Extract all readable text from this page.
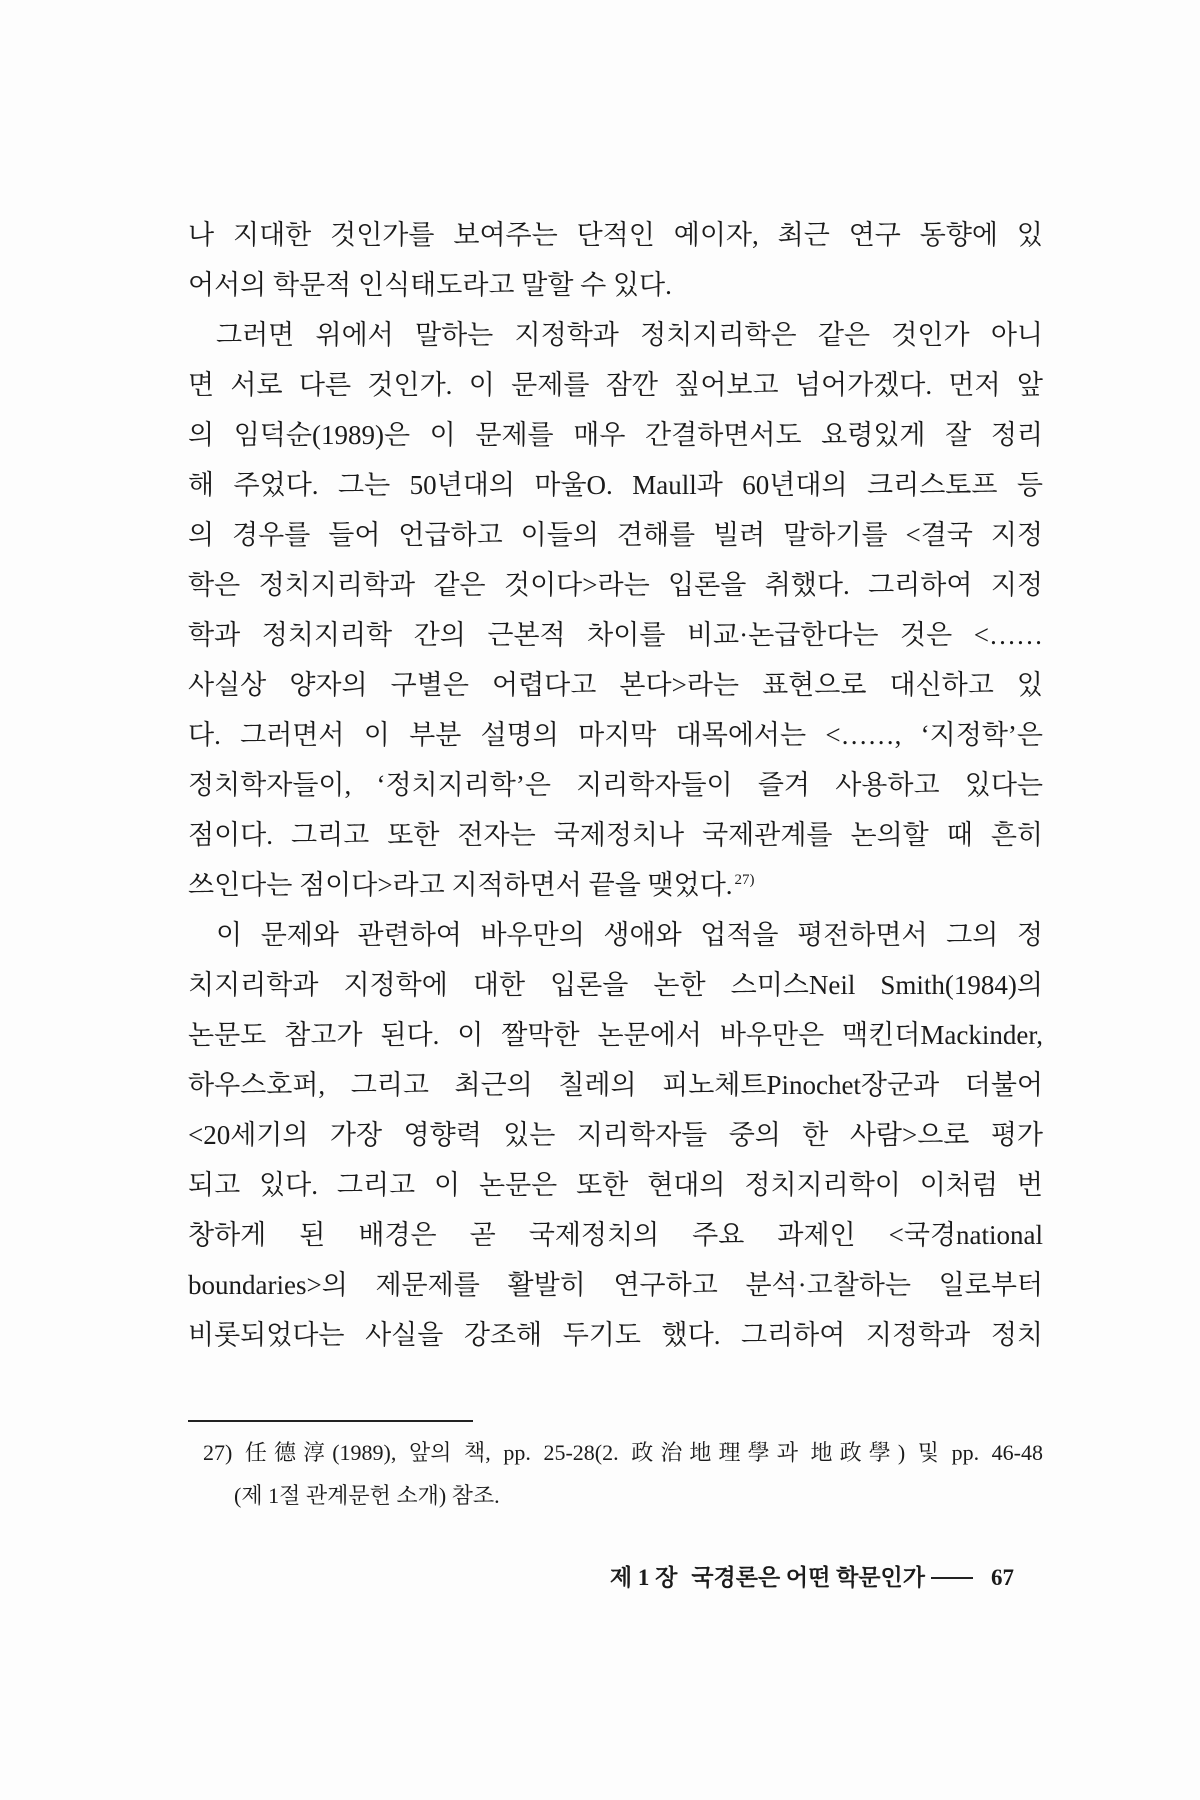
나 지대한 것인가를 보여주는 단적인 예이자, 최근 연구 동향에 있
어서의 학문적 인식태도라고 말할 수 있다.
그러면 위에서 말하는 지정학과 정치지리학은 같은 것인가 아니
면 서로 다른 것인가. 이 문제를 잠깐 짚어보고 넘어가겠다. 먼저 앞
의 임덕순(1989)은 이 문제를 매우 간결하면서도 요령있게 잘 정리
해 주었다. 그는 50년대의 마울O. Maull과 60년대의 크리스토프 등
의 경우를 들어 언급하고 이들의 견해를 빌려 말하기를 <결국 지정
학은 정치지리학과 같은 것이다>라는 입론을 취했다. 그리하여 지정
학과 정치지리학 간의 근본적 차이를 비교·논급한다는 것은 <……
사실상 양자의 구별은 어렵다고 본다>라는 표현으로 대신하고 있
다. 그러면서 이 부분 설명의 마지막 대목에서는 <……, ‘지정학’은
정치학자들이, ‘정치지리학’은 지리학자들이 즐겨 사용하고 있다는
점이다. 그리고 또한 전자는 국제정치나 국제관계를 논의할 때 흔히
쓰인다는 점이다>라고 지적하면서 끝을 맺었다. $^{27)}$
이 문제와 관련하여 바우만의 생애와 업적을 평전하면서 그의 정
치지리학과 지정학에 대한 입론을 논한 스미스Neil Smith(1984)의
논문도 참고가 된다. 이 짤막한 논문에서 바우만은 맥킨더Mackinder,
하우스호퍼, 그리고 최근의 칠레의 피노체트Pinochet장군과 더불어
<20세기의 가장 영향력 있는 지리학자들 중의 한 사람>으로 평가
되고 있다. 그리고 이 논문은 또한 현대의 정치지리학이 이처럼 번
창하게 된 배경은 곧 국제정치의 주요 과제인 <국경national
boundaries>의 제문제를 활발히 연구하고 분석·고찰하는 일로부터
비롯되었다는 사실을 강조해 두기도 했다. 그리하여 지정학과 정치
27) 任德淳(1989), 앞의 책, pp. 25-28(2. 政治地理學과 地政學) 및 pp. 46-48
(제 1절 관계문헌 소개) 참조.
제 1 장 국경론은 어떤 학문인가	67
